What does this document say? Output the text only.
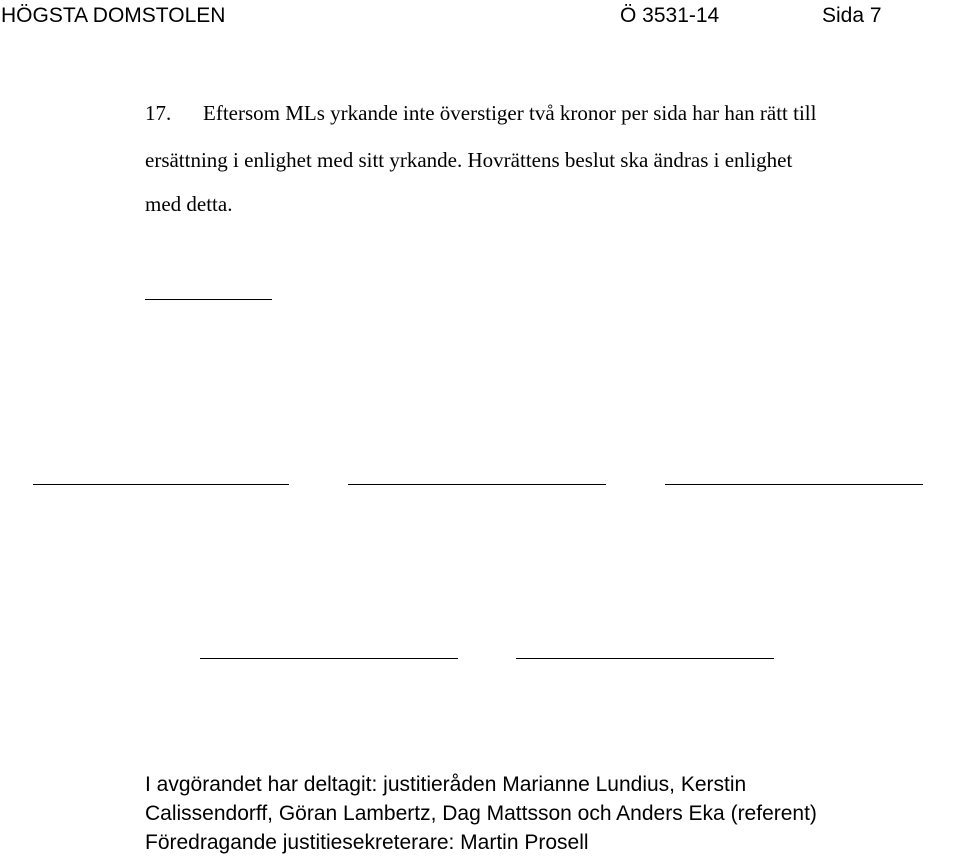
HÖGSTA DOMSTOLEN	Ö 3531-14	Sida 7
17. Eftersom MLs yrkande inte överstiger två kronor per sida har han rätt till
ersättning i enlighet med sitt yrkande. Hovrättens beslut ska ändras i enlighet
med detta.
I avgörandet har deltagit: justitieråden Marianne Lundius, Kerstin
Calissendorff, Göran Lambertz, Dag Mattsson och Anders Eka (referent)
Föredragande justitiesekreterare: Martin Prosell
